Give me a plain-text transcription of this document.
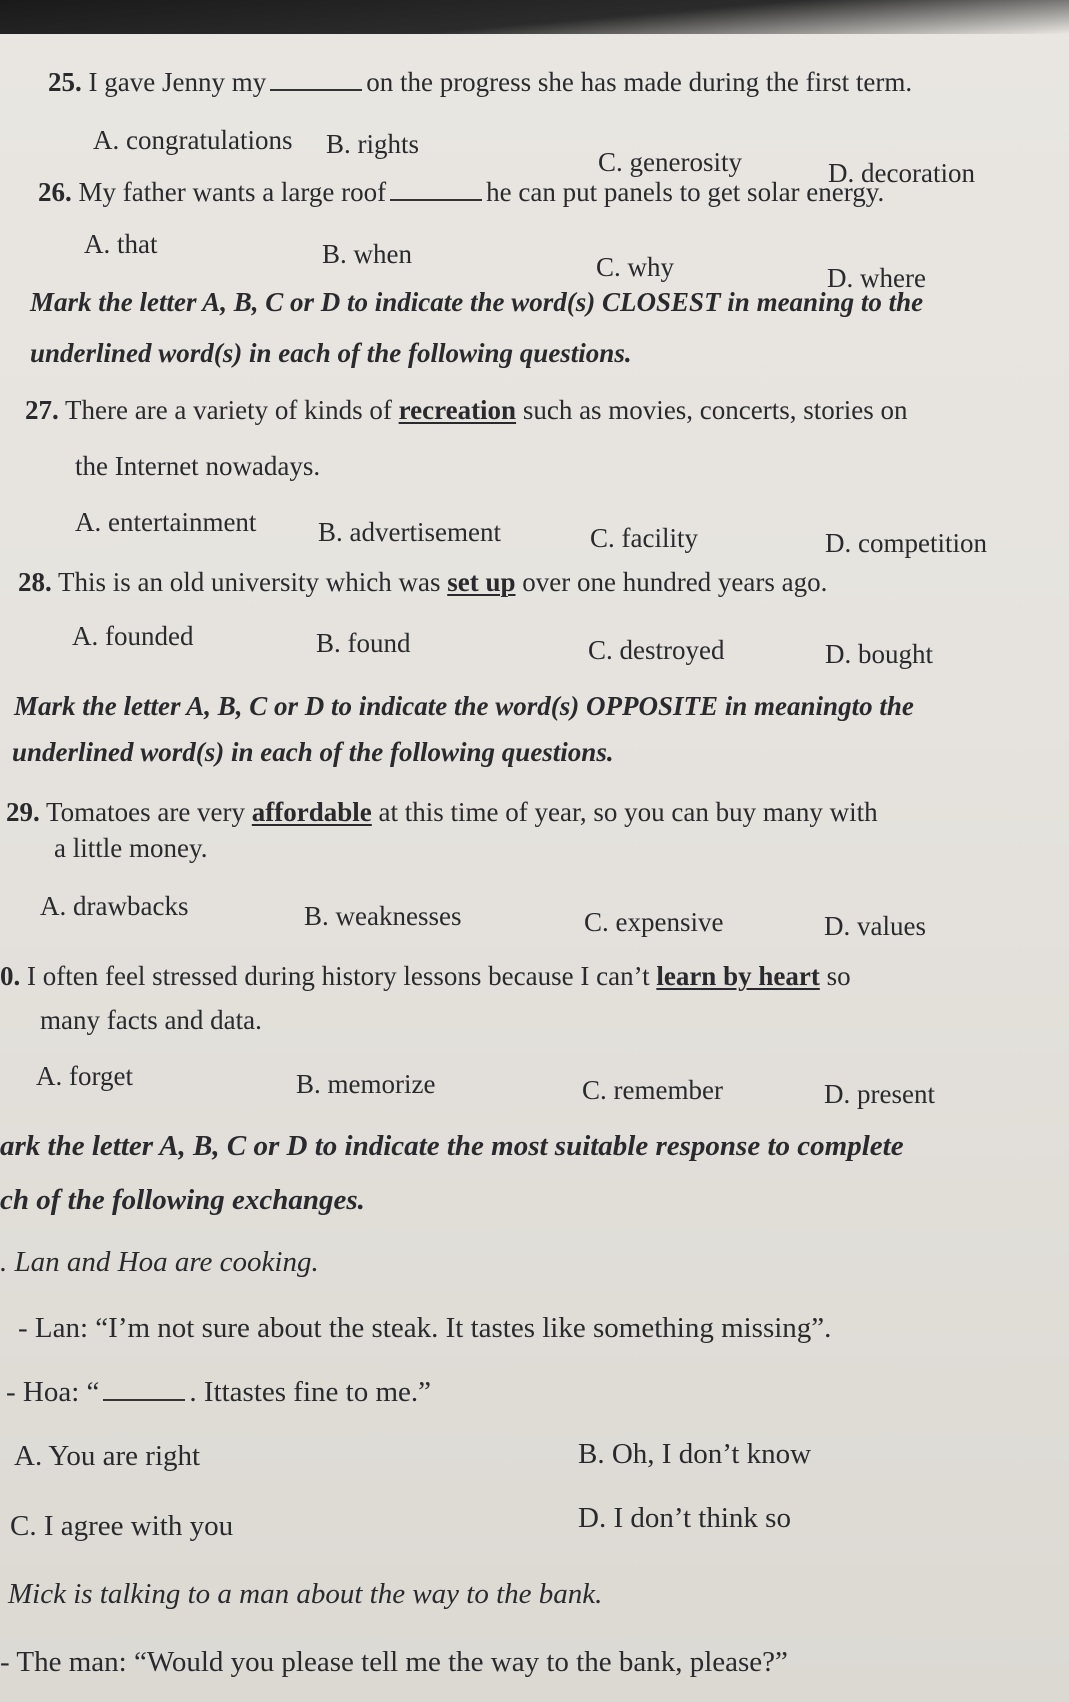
25. I gave Jenny my	on the progress she has made during the first term.
A. congratulations B. rights
C. generosity	D. decoration
26. My father wants a large roof	he can put panels to get solar energy.
A. that	B. when	C. why	D. where
Mark the letter A, B, C or D to indicate the word(s) CLOSEST in meaning to the
underlined word(s) in each of the following questions.
27. There are a variety of kinds of recreation such as movies, concerts, stories on
the Internet nowadays.
A. entertainment B. advertisement	C. facility	D. competition
28. This is an old university which was set up over one hundred years ago.
A. founded	B. found	C. destroyed	D. bought
Mark the letter A, B, C or D to indicate the word(s) OPPOSITE in meaningto the
underlined word(s) in each of the following questions.
29. Tomatoes are very affordable at this time of year, so you can buy many with
a little money.
A. drawbacks	B. weaknesses	C. expensive	D. values
0. I often feel stressed during history lessons because I can’t learn by heart so
many facts and data.
A. forget	B. memorize	C. remember	D. present
ark the letter A, B, C or D to indicate the most suitable response to complete
ch of the following exchanges.
. Lan and Hoa are cooking.
- Lan: “I’m not sure about the steak. It tastes like something missing”.
- Hoa: “	. Ittastes fine to me.”
A. You are right	B. Oh, I don’t know
C. I agree with you	D. I don’t think so
Mick is talking to a man about the way to the bank.
- The man: “Would you please tell me the way to the bank, please?”
